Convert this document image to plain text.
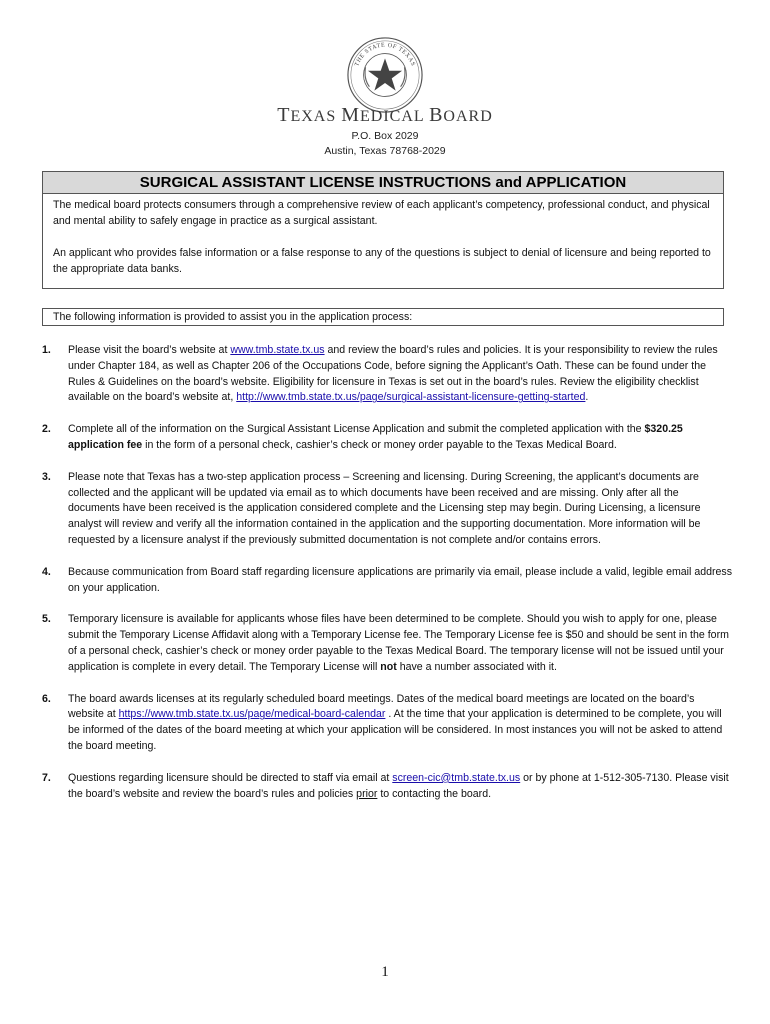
THE STATE OF TEXAS
TEXAS MEDICAL BOARD
P.O. Box 2029
Austin, Texas 78768-2029
SURGICAL ASSISTANT LICENSE INSTRUCTIONS and APPLICATION

The medical board protects consumers through a comprehensive review of each applicant’s competency, professional conduct, and physical and mental ability to safely engage in practice as a surgical assistant.

An applicant who provides false information or a false response to any of the questions is subject to denial of licensure and being reported to the appropriate data banks.

The following information is provided to assist you in the application process:
1. Please visit the board’s website at www.tmb.state.tx.us and review the board’s rules and policies. It is your responsibility to review the rules under Chapter 184, as well as Chapter 206 of the Occupations Code, before signing the Applicant’s Oath. These can be found under the Rules & Guidelines on the board’s website. Eligibility for licensure in Texas is set out in the board’s rules. Review the eligibility checklist available on the board’s website at, http://www.tmb.state.tx.us/page/surgical-assistant-licensure-getting-started.
2. Complete all of the information on the Surgical Assistant License Application and submit the completed application with the $320.25 application fee in the form of a personal check, cashier’s check or money order payable to the Texas Medical Board.
3. Please note that Texas has a two-step application process – Screening and licensing. During Screening, the applicant’s documents are collected and the applicant will be updated via email as to which documents have been received and are missing. Only after all the documents have been received is the application considered complete and the Licensing step may begin. During Licensing, a licensure analyst will review and verify all the information contained in the application and the supporting documentation. More information will be requested by a licensure analyst if the previously submitted documentation is not complete and/or contains errors.
4. Because communication from Board staff regarding licensure applications are primarily via email, please include a valid, legible email address on your application.
5. Temporary licensure is available for applicants whose files have been determined to be complete. Should you wish to apply for one, please submit the Temporary License Affidavit along with a Temporary License fee. The Temporary License fee is $50 and should be sent in the form of a personal check, cashier’s check or money order payable to the Texas Medical Board. The temporary license will not be issued until your application is complete in every detail. The Temporary License will not have a number associated with it.
6. The board awards licenses at its regularly scheduled board meetings. Dates of the medical board meetings are located on the board’s website at https://www.tmb.state.tx.us/page/medical-board-calendar . At the time that your application is determined to be complete, you will be informed of the dates of the board meeting at which your application will be considered. In most instances you will not be asked to attend the board meeting.
7. Questions regarding licensure should be directed to staff via email at screen-cic@tmb.state.tx.us or by phone at 1-512-305-7130. Please visit the board’s website and review the board’s rules and policies prior to contacting the board.
1
